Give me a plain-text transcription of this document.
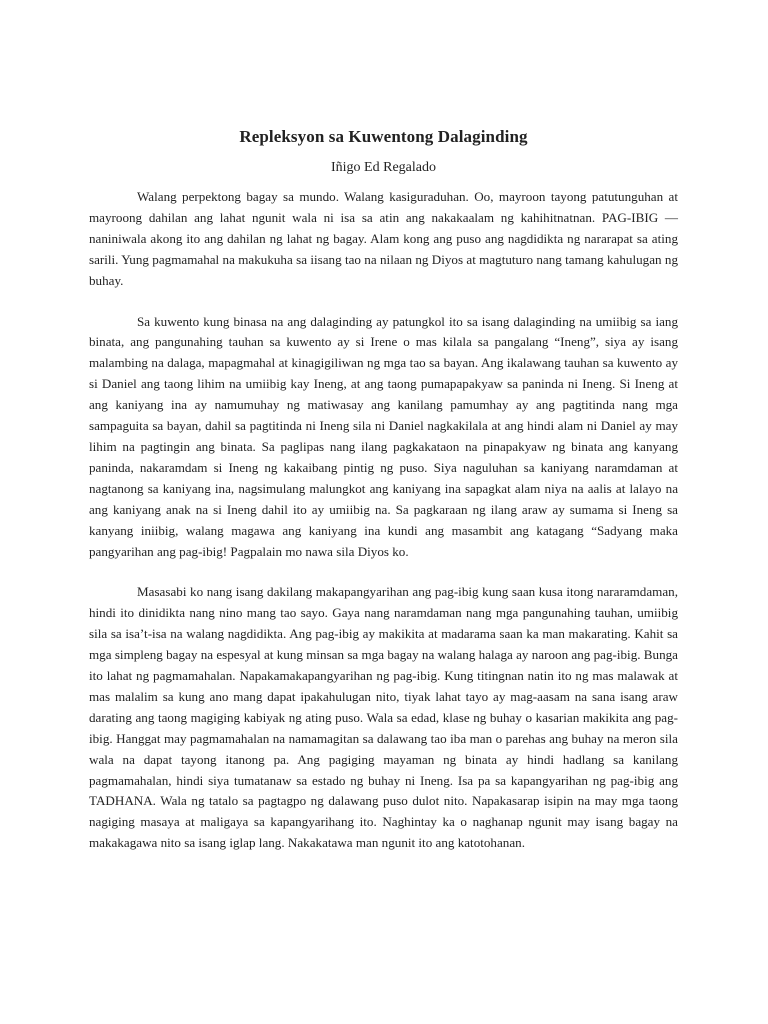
Repleksyon sa Kuwentong Dalaginding
Iñigo Ed Regalado

Walang perpektong bagay sa mundo. Walang kasiguraduhan. Oo, mayroon tayong patutunguhan at mayroong dahilan ang lahat ngunit wala ni isa sa atin ang nakakaalam ng kahihitnatnan. PAG-IBIG — naniniwala akong ito ang dahilan ng lahat ng bagay. Alam kong ang puso ang nagdidikta ng nararapat sa ating sarili. Yung pagmamahal na makukuha sa iisang tao na nilaan ng Diyos at magtuturo nang tamang kahulugan ng buhay.

Sa kuwento kung binasa na ang dalaginding ay patungkol ito sa isang dalaginding na umiibig sa iang binata, ang pangunahing tauhan sa kuwento ay si Irene o mas kilala sa pangalang “Ineng”, siya ay isang malambing na dalaga, mapagmahal at kinagigiliwan ng mga tao sa bayan. Ang ikalawang tauhan sa kuwento ay si Daniel ang taong lihim na umiibig kay Ineng, at ang taong pumapapakyaw sa paninda ni Ineng. Si Ineng at ang kaniyang ina ay namumuhay ng matiwasay ang kanilang pamumhay ay ang pagtitinda nang mga sampaguita sa bayan, dahil sa pagtitinda ni Ineng sila ni Daniel nagkakilala at ang hindi alam ni Daniel ay may lihim na pagtingin ang binata. Sa paglipas nang ilang pagkakataon na pinapakyaw ng binata ang kanyang paninda, nakaramdam si Ineng ng kakaibang pintig ng puso. Siya naguluhan sa kaniyang naramdaman at nagtanong sa kaniyang ina, nagsimulang malungkot ang kaniyang ina sapagkat alam niya na aalis at lalayo na ang kaniyang anak na si Ineng dahil ito ay umiibig na. Sa pagkaraan ng ilang araw ay sumama si Ineng sa kanyang iniibig, walang magawa ang kaniyang ina kundi ang masambit ang katagang “Sadyang maka pangyarihan ang pag-ibig! Pagpalain mo nawa sila Diyos ko.

Masasabi ko nang isang dakilang makapangyarihan ang pag-ibig kung saan kusa itong nararamdaman, hindi ito dinidikta nang nino mang tao sayo. Gaya nang naramdaman nang mga pangunahing tauhan, umiibig sila sa isa’t-isa na walang nagdidikta. Ang pag-ibig ay makikita at madarama saan ka man makarating. Kahit sa mga simpleng bagay na espesyal at kung minsan sa mga bagay na walang halaga ay naroon ang pag-ibig. Bunga ito lahat ng pagmamahalan. Napakamakapangyarihan ng pag-ibig. Kung titingnan natin ito ng mas malawak at mas malalim sa kung ano mang dapat ipakahulugan nito, tiyak lahat tayo ay mag-aasam na sana isang araw darating ang taong magiging kabiyak ng ating puso. Wala sa edad, klase ng buhay o kasarian makikita ang pag-ibig. Hanggat may pagmamahalan na namamagitan sa dalawang tao iba man o parehas ang buhay na meron sila wala na dapat tayong itanong pa. Ang pagiging mayaman ng binata ay hindi hadlang sa kanilang pagmamahalan, hindi siya tumatanaw sa estado ng buhay ni Ineng. Isa pa sa kapangyarihan ng pag-ibig ang TADHANA. Wala ng tatalo sa pagtagpo ng dalawang puso dulot nito. Napakasarap isipin na may mga taong nagiging masaya at maligaya sa kapangyarihang ito. Naghintay ka o naghanap ngunit may isang bagay na makakagawa nito sa isang iglap lang. Nakakatawa man ngunit ito ang katotohanan.
